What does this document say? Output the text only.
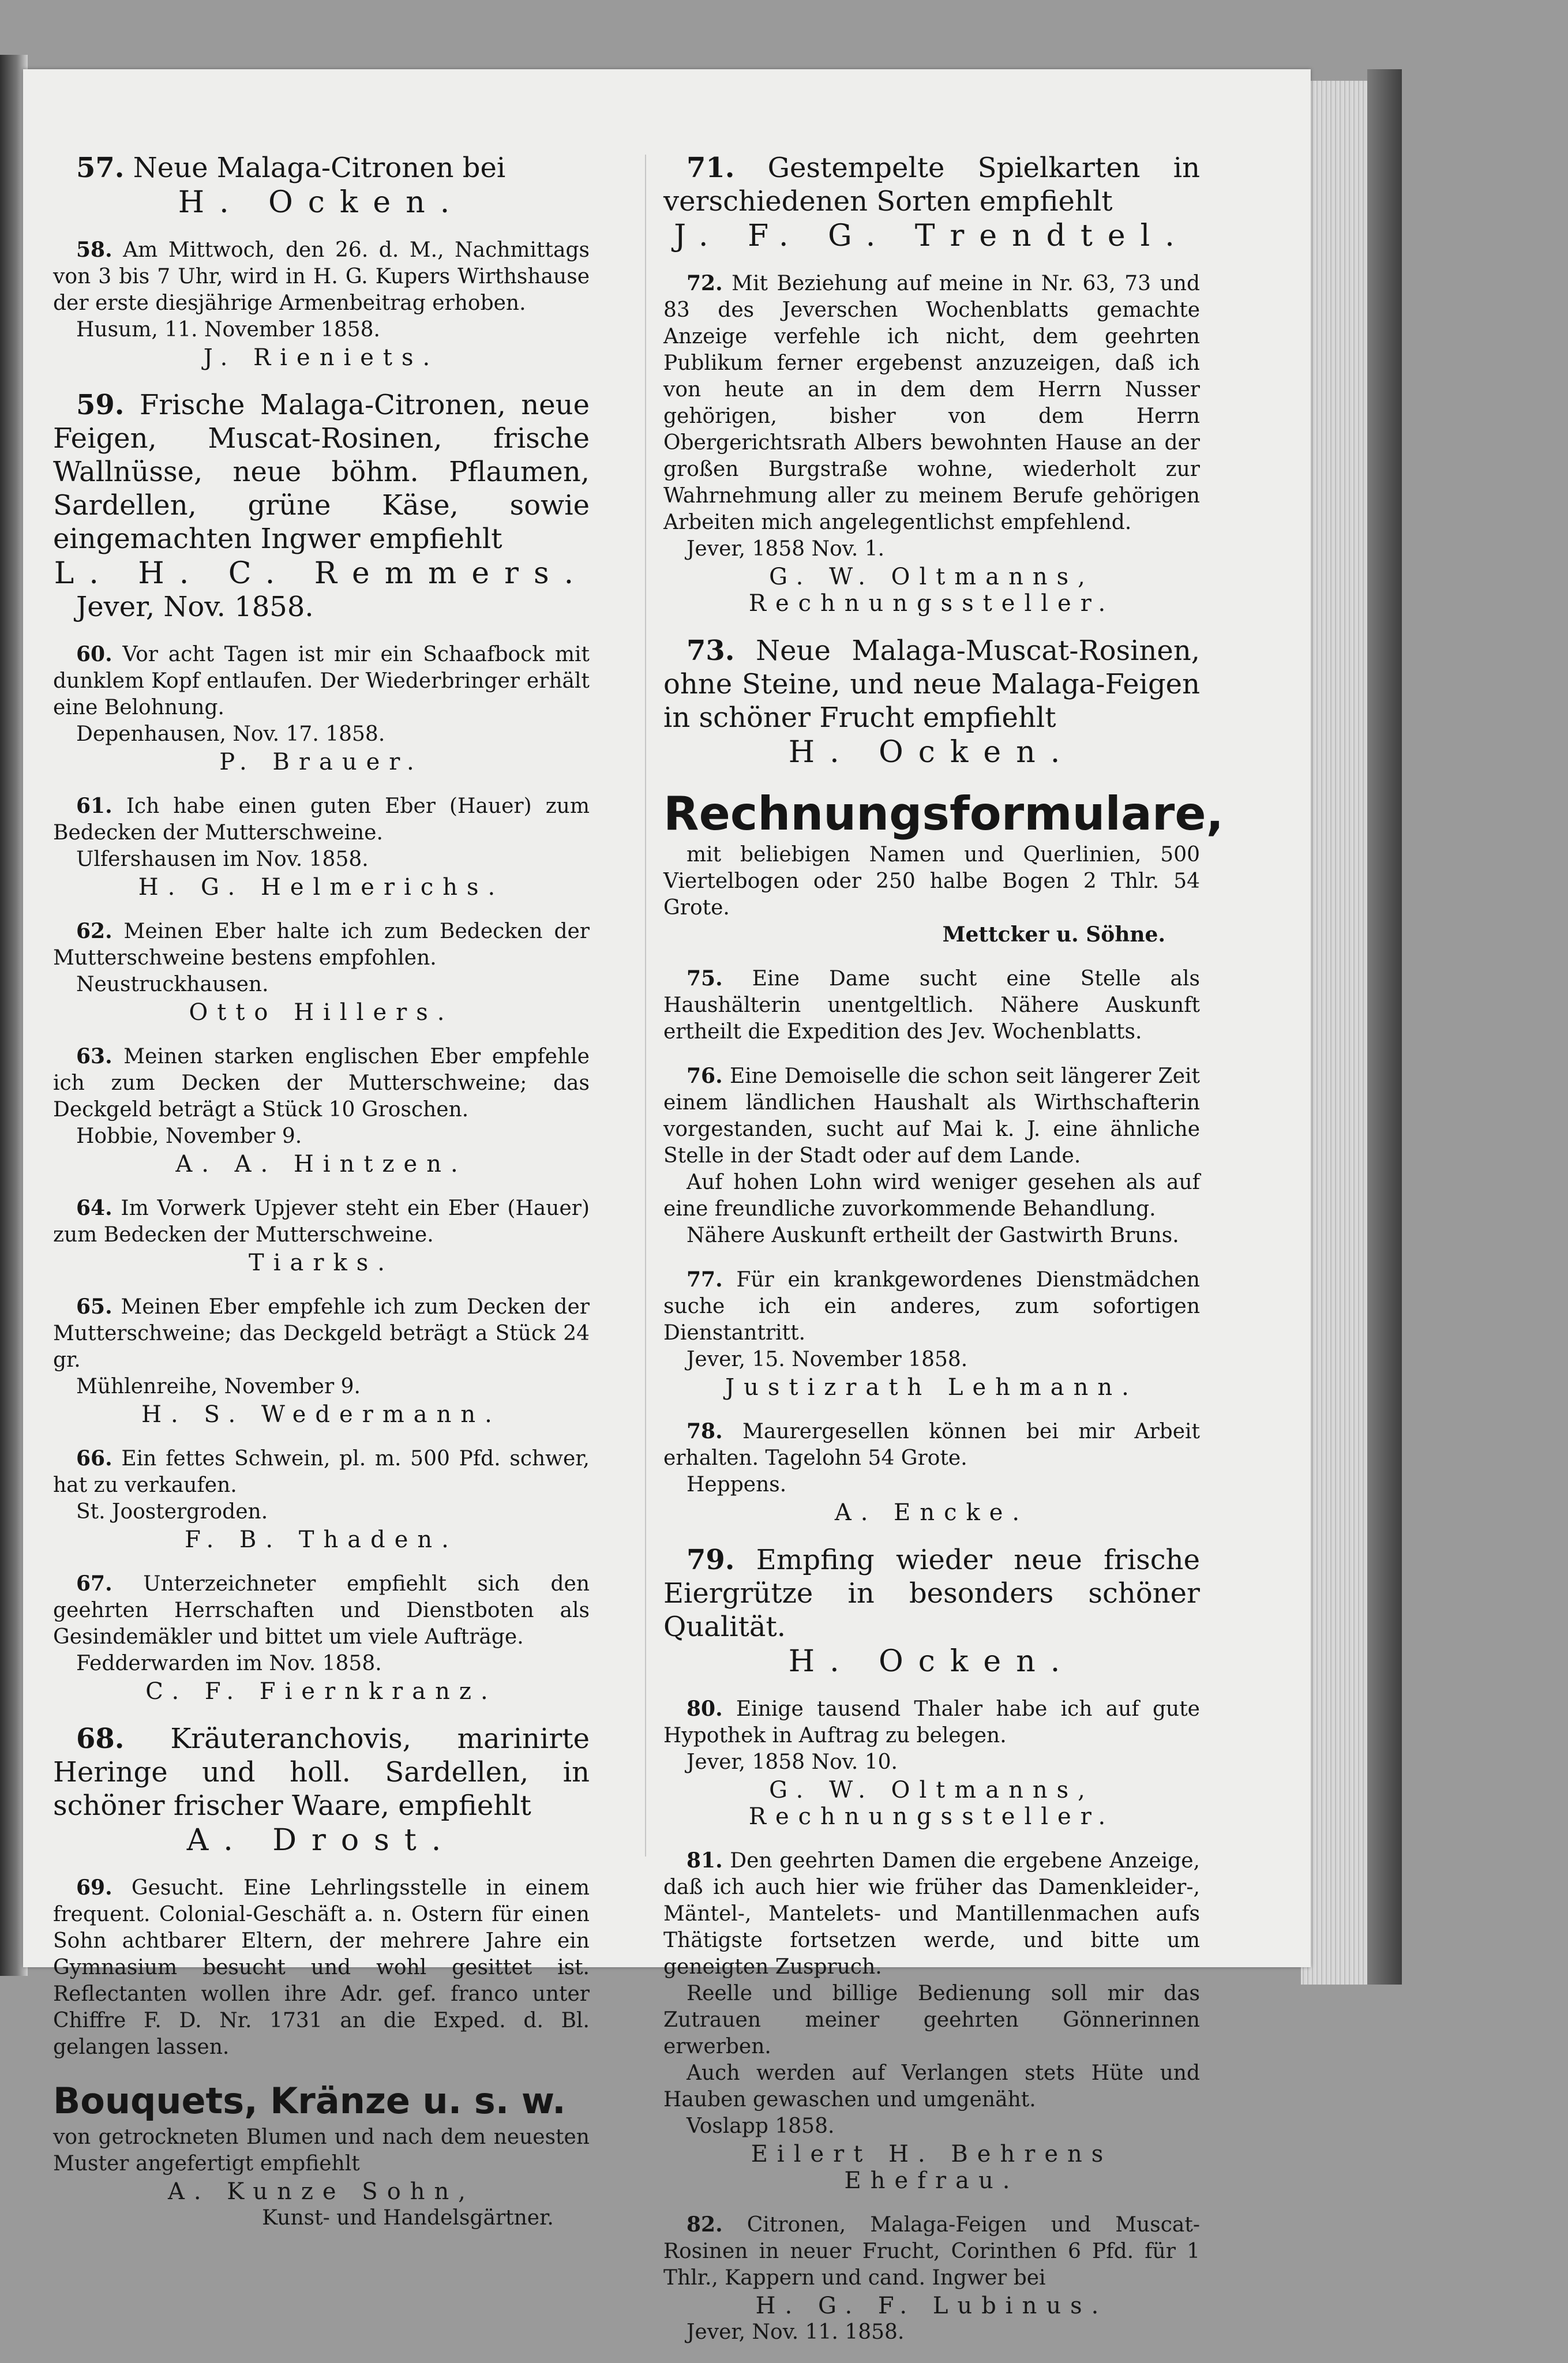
57. Neue Malaga-Citronen bei

H. Ocken.

58. Am Mittwoch, den 26. d. M., Nachmittags von 3 bis 7 Uhr, wird in H. G. Kupers Wirthshause der erste diesjährige Armenbeitrag erhoben.

Husum, 11. November 1858.

J. Rieniets.

59. Frische Malaga-Citronen, neue Feigen, Muscat-Rosinen, frische Wallnüsse, neue böhm. Pflaumen, Sardellen, grüne Käse, sowie eingemachten Ingwer empfiehlt

L. H. C. Remmers.

Jever, Nov. 1858.

60. Vor acht Tagen ist mir ein Schaafbock mit dunklem Kopf entlaufen. Der Wiederbringer erhält eine Belohnung.

Depenhausen, Nov. 17. 1858.

P. Brauer.

61. Ich habe einen guten Eber (Hauer) zum Bedecken der Mutterschweine.

Ulfershausen im Nov. 1858.

H. G. Helmerichs.

62. Meinen Eber halte ich zum Bedecken der Mutterschweine bestens empfohlen.

Neustruckhausen.

Otto Hillers.

63. Meinen starken englischen Eber empfehle ich zum Decken der Mutterschweine; das Deckgeld beträgt a Stück 10 Groschen.

Hobbie, November 9.

A. A. Hintzen.

64. Im Vorwerk Upjever steht ein Eber (Hauer) zum Bedecken der Mutterschweine.

Tiarks.

65. Meinen Eber empfehle ich zum Decken der Mutterschweine; das Deckgeld beträgt a Stück 24 gr.

Mühlenreihe, November 9.

H. S. Wedermann.

66. Ein fettes Schwein, pl. m. 500 Pfd. schwer, hat zu verkaufen.

St. Joostergroden.

F. B. Thaden.

67. Unterzeichneter empfiehlt sich den geehrten Herrschaften und Dienstboten als Gesindemäkler und bittet um viele Aufträge.

Fedderwarden im Nov. 1858.

C. F. Fiernkranz.

68. Kräuteranchovis, marinirte Heringe und holl. Sardellen, in schöner frischer Waare, empfiehlt

A. Drost.

69. Gesucht. Eine Lehrlingsstelle in einem frequent. Colonial-Geschäft a. n. Ostern für einen Sohn achtbarer Eltern, der mehrere Jahre ein Gymnasium besucht und wohl gesittet ist. Reflectanten wollen ihre Adr. gef. franco unter Chiffre F. D. Nr. 1731 an die Exped. d. Bl. gelangen lassen.

Bouquets, Kränze u. s. w.

von getrockneten Blumen und nach dem neuesten Muster angefertigt empfiehlt

A. Kunze Sohn,

Kunst- und Handelsgärtner.

71. Gestempelte Spielkarten in verschiedenen Sorten empfiehlt

J. F. G. Trendtel.

72. Mit Beziehung auf meine in Nr. 63, 73 und 83 des Jeverschen Wochenblatts gemachte Anzeige verfehle ich nicht, dem geehrten Publikum ferner ergebenst anzuzeigen, daß ich von heute an in dem dem Herrn Nusser gehörigen, bisher von dem Herrn Obergerichtsrath Albers bewohnten Hause an der großen Burgstraße wohne, wiederholt zur Wahrnehmung aller zu meinem Berufe gehörigen Arbeiten mich angelegentlichst empfehlend.

Jever, 1858 Nov. 1.

G. W. Oltmanns, Rechnungssteller.

73. Neue Malaga-Muscat-Rosinen, ohne Steine, und neue Malaga-Feigen in schöner Frucht empfiehlt

H. Ocken.

Rechnungsformulare,

mit beliebigen Namen und Querlinien, 500 Viertelbogen oder 250 halbe Bogen 2 Thlr. 54 Grote.

Mettcker u. Söhne.

75. Eine Dame sucht eine Stelle als Haushälterin unentgeltlich. Nähere Auskunft ertheilt die Expedition des Jev. Wochenblatts.

76. Eine Demoiselle die schon seit längerer Zeit einem ländlichen Haushalt als Wirthschafterin vorgestanden, sucht auf Mai k. J. eine ähnliche Stelle in der Stadt oder auf dem Lande.

Auf hohen Lohn wird weniger gesehen als auf eine freundliche zuvorkommende Behandlung.

Nähere Auskunft ertheilt der Gastwirth Bruns.

77. Für ein krankgewordenes Dienstmädchen suche ich ein anderes, zum sofortigen Dienstantritt.

Jever, 15. November 1858.

Justizrath Lehmann.

78. Maurergesellen können bei mir Arbeit erhalten. Tagelohn 54 Grote.

Heppens.

A. Encke.

79. Empfing wieder neue frische Eiergrütze in besonders schöner Qualität.

H. Ocken.

80. Einige tausend Thaler habe ich auf gute Hypothek in Auftrag zu belegen.

Jever, 1858 Nov. 10.

G. W. Oltmanns, Rechnungssteller.

81. Den geehrten Damen die ergebene Anzeige, daß ich auch hier wie früher das Damenkleider-, Mäntel-, Mantelets- und Mantillenmachen aufs Thätigste fortsetzen werde, und bitte um geneigten Zuspruch.

Reelle und billige Bedienung soll mir das Zutrauen meiner geehrten Gönnerinnen erwerben.

Auch werden auf Verlangen stets Hüte und Hauben gewaschen und umgenäht.

Voslapp 1858.

Eilert H. Behrens Ehefrau.

82. Citronen, Malaga-Feigen und Muscat-Rosinen in neuer Frucht, Corinthen 6 Pfd. für 1 Thlr., Kappern und cand. Ingwer bei

H. G. F. Lubinus.

Jever, Nov. 11. 1858.
